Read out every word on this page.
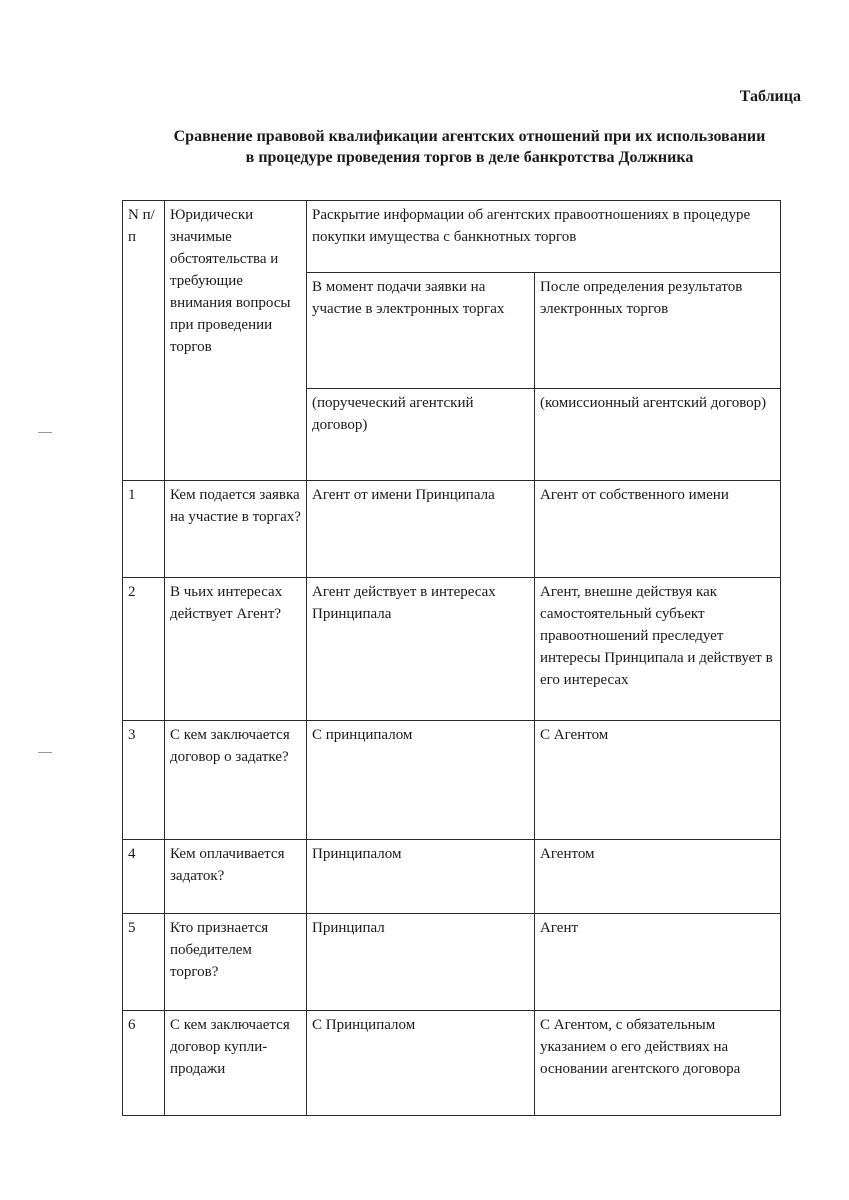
Таблица
Сравнение правовой квалификации агентских отношений при их использовании
в процедуре проведения торгов в деле банкротства Должника
N п/п	Юридически значимые обстоятельства и требующие внимания вопросы при проведении торгов	Раскрытие информации об агентских правоотношениях в процедуре покупки имущества с банкнотных торгов	
		В момент подачи заявки на участие в электронных торгах	После определения результатов электронных торгов
		(поручеческий агентский договор)	(комиссионный агентский договор)
1	Кем подается заявка на участие в торгах?	Агент от имени Принципала	Агент от собственного имени
2	В чьих интересах действует Агент?	Агент действует в интересах Принципала	Агент, внешне действуя как самостоятельный субъект правоотношений преследует интересы Принципала и действует в его интересах
3	С кем заключается договор о задатке?	С принципалом	С Агентом
4	Кем оплачивается задаток?	Принципалом	Агентом
5	Кто признается победителем торгов?	Принципал	Агент
6	С кем заключается договор купли-продажи	С Принципалом	С Агентом, с обязательным указанием о его действиях на основании агентского договора
